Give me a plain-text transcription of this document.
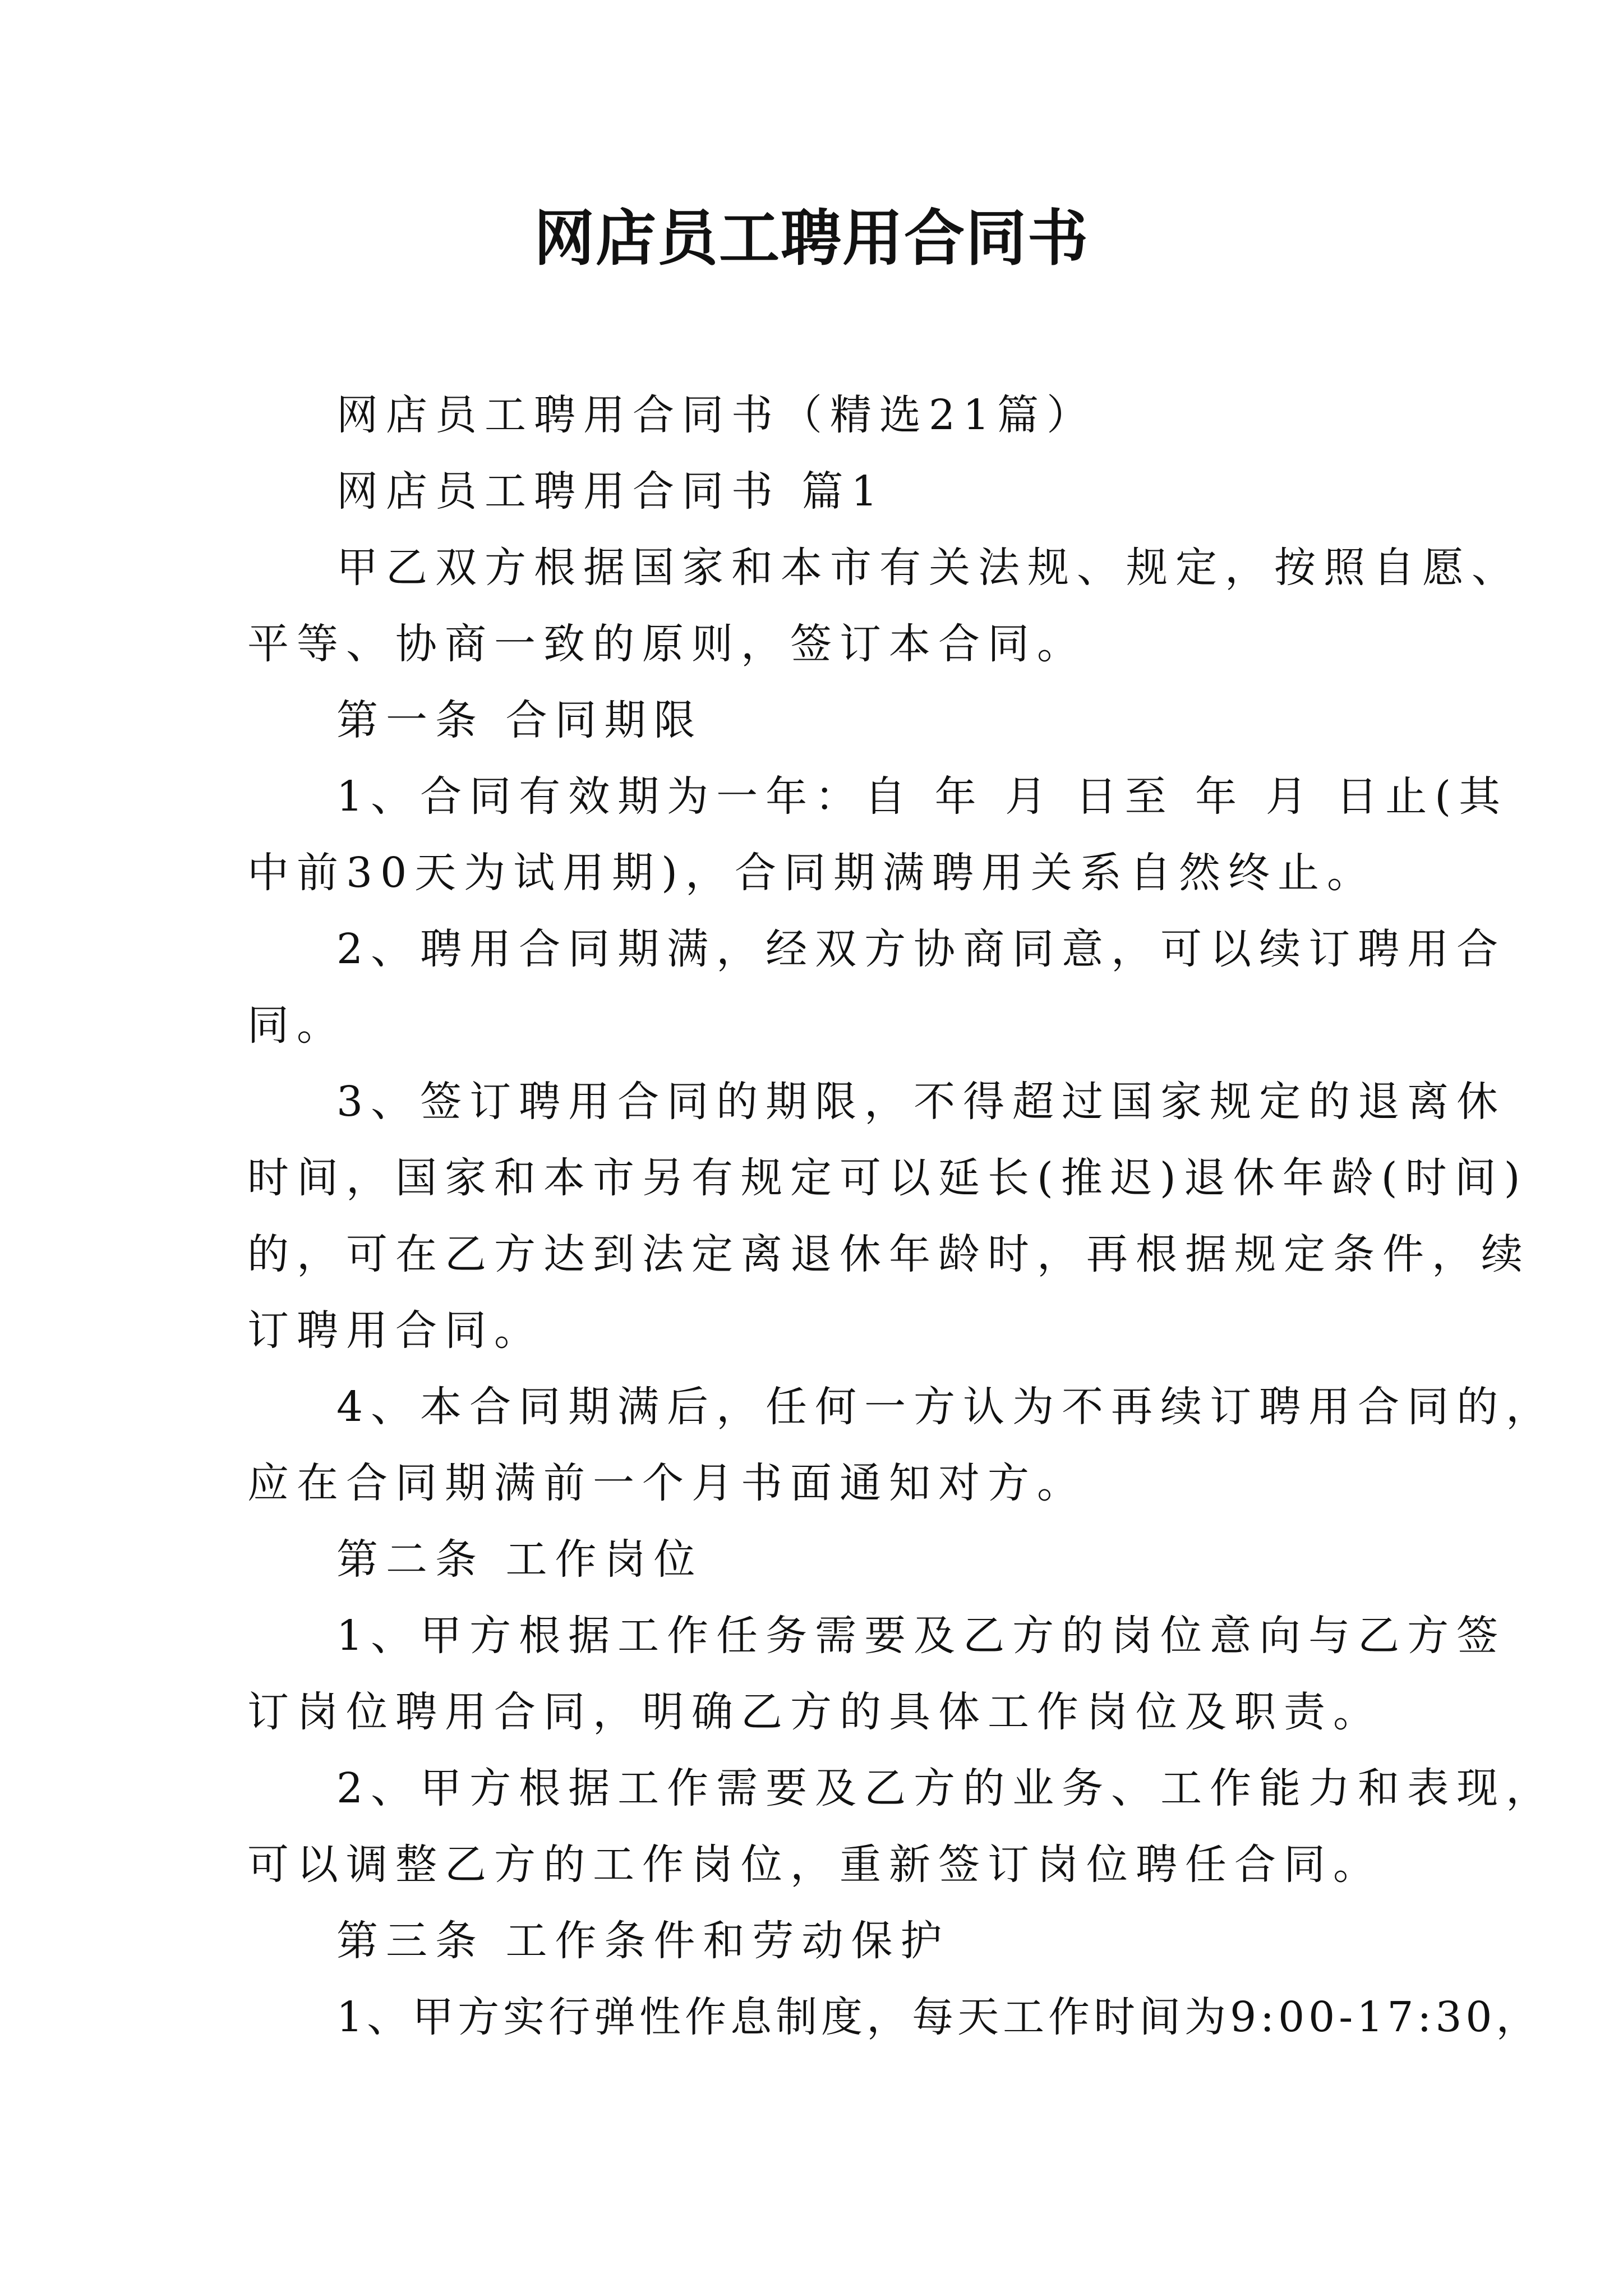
网店员工聘用合同书

网店员工聘用合同书（精选21篇）

网店员工聘用合同书 篇1

甲乙双方根据国家和本市有关法规、规定，按照自愿、

平等、协商一致的原则，签订本合同。

第一条 合同期限

1、合同有效期为一年：自 年 月 日至 年 月 日止(其

中前30天为试用期)，合同期满聘用关系自然终止。

2、聘用合同期满，经双方协商同意，可以续订聘用合

同。

3、签订聘用合同的期限，不得超过国家规定的退离休

时间，国家和本市另有规定可以延长(推迟)退休年龄(时间)

的，可在乙方达到法定离退休年龄时，再根据规定条件，续

订聘用合同。

4、本合同期满后，任何一方认为不再续订聘用合同的，

应在合同期满前一个月书面通知对方。

第二条 工作岗位

1、甲方根据工作任务需要及乙方的岗位意向与乙方签

订岗位聘用合同，明确乙方的具体工作岗位及职责。

2、甲方根据工作需要及乙方的业务、工作能力和表现，

可以调整乙方的工作岗位，重新签订岗位聘任合同。

第三条 工作条件和劳动保护

1、甲方实行弹性作息制度，每天工作时间为9:00-17:30，
